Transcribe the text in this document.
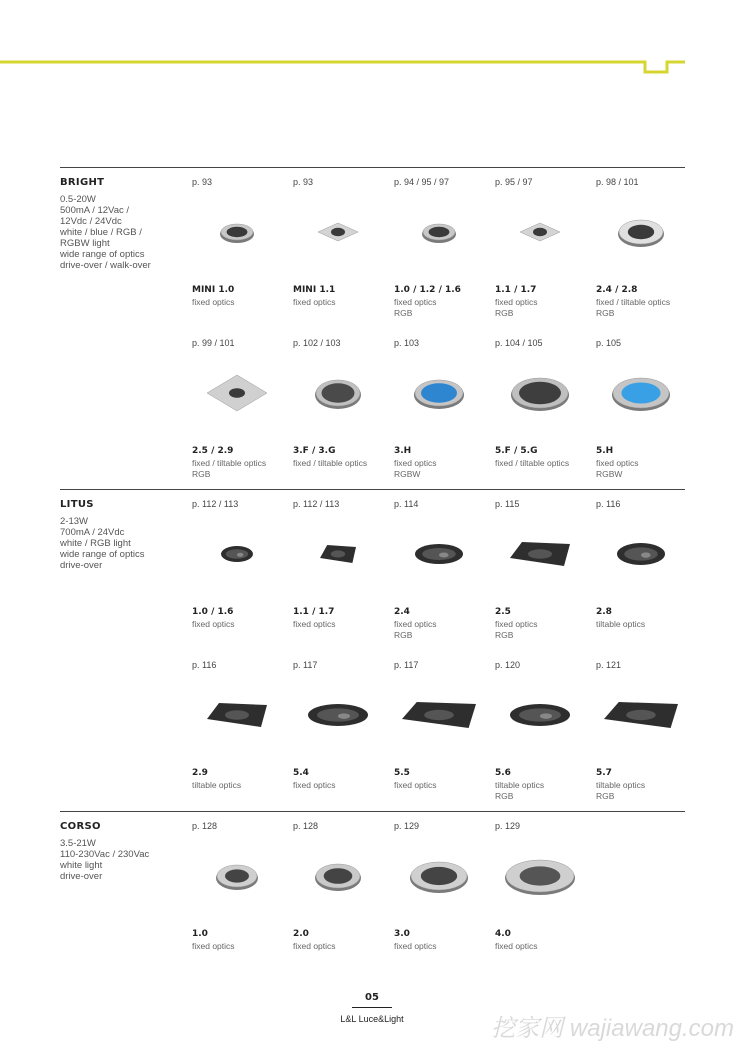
BRIGHT
0.5-20W
500mA / 12Vac /
12Vdc / 24Vdc
white / blue / RGB /
RGBW light
wide range of optics
drive-over / walk-over
p. 93
MINI 1.0
fixed optics
p. 93
MINI 1.1
fixed optics
p. 94 / 95 / 97
1.0 / 1.2 / 1.6
fixed optics
RGB
p. 95 / 97
1.1 / 1.7
fixed optics
RGB
p. 98 / 101
2.4 / 2.8
fixed / tiltable optics
RGB
p. 99 / 101
2.5 / 2.9
fixed / tiltable optics
RGB
p. 102 / 103
3.F / 3.G
fixed / tiltable optics
p. 103
3.H
fixed optics
RGBW
p. 104 / 105
5.F / 5.G
fixed / tiltable optics
p. 105
5.H
fixed optics
RGBW
LITUS
2-13W
700mA / 24Vdc
white / RGB light
wide range of optics
drive-over
p. 112 / 113
1.0 / 1.6
fixed optics
p. 112 / 113
1.1 / 1.7
fixed optics
p. 114
2.4
fixed optics
RGB
p. 115
2.5
fixed optics
RGB
p. 116
2.8
tiltable optics
p. 116
2.9
tiltable optics
p. 117
5.4
fixed optics
p. 117
5.5
fixed optics
p. 120
5.6
tiltable optics
RGB
p. 121
5.7
tiltable optics
RGB
CORSO
3.5-21W
110-230Vac / 230Vac
white light
drive-over
p. 128
1.0
fixed optics
p. 128
2.0
fixed optics
p. 129
3.0
fixed optics
p. 129
4.0
fixed optics
05
L&L Luce&Light	挖家网 wajiawang.com
